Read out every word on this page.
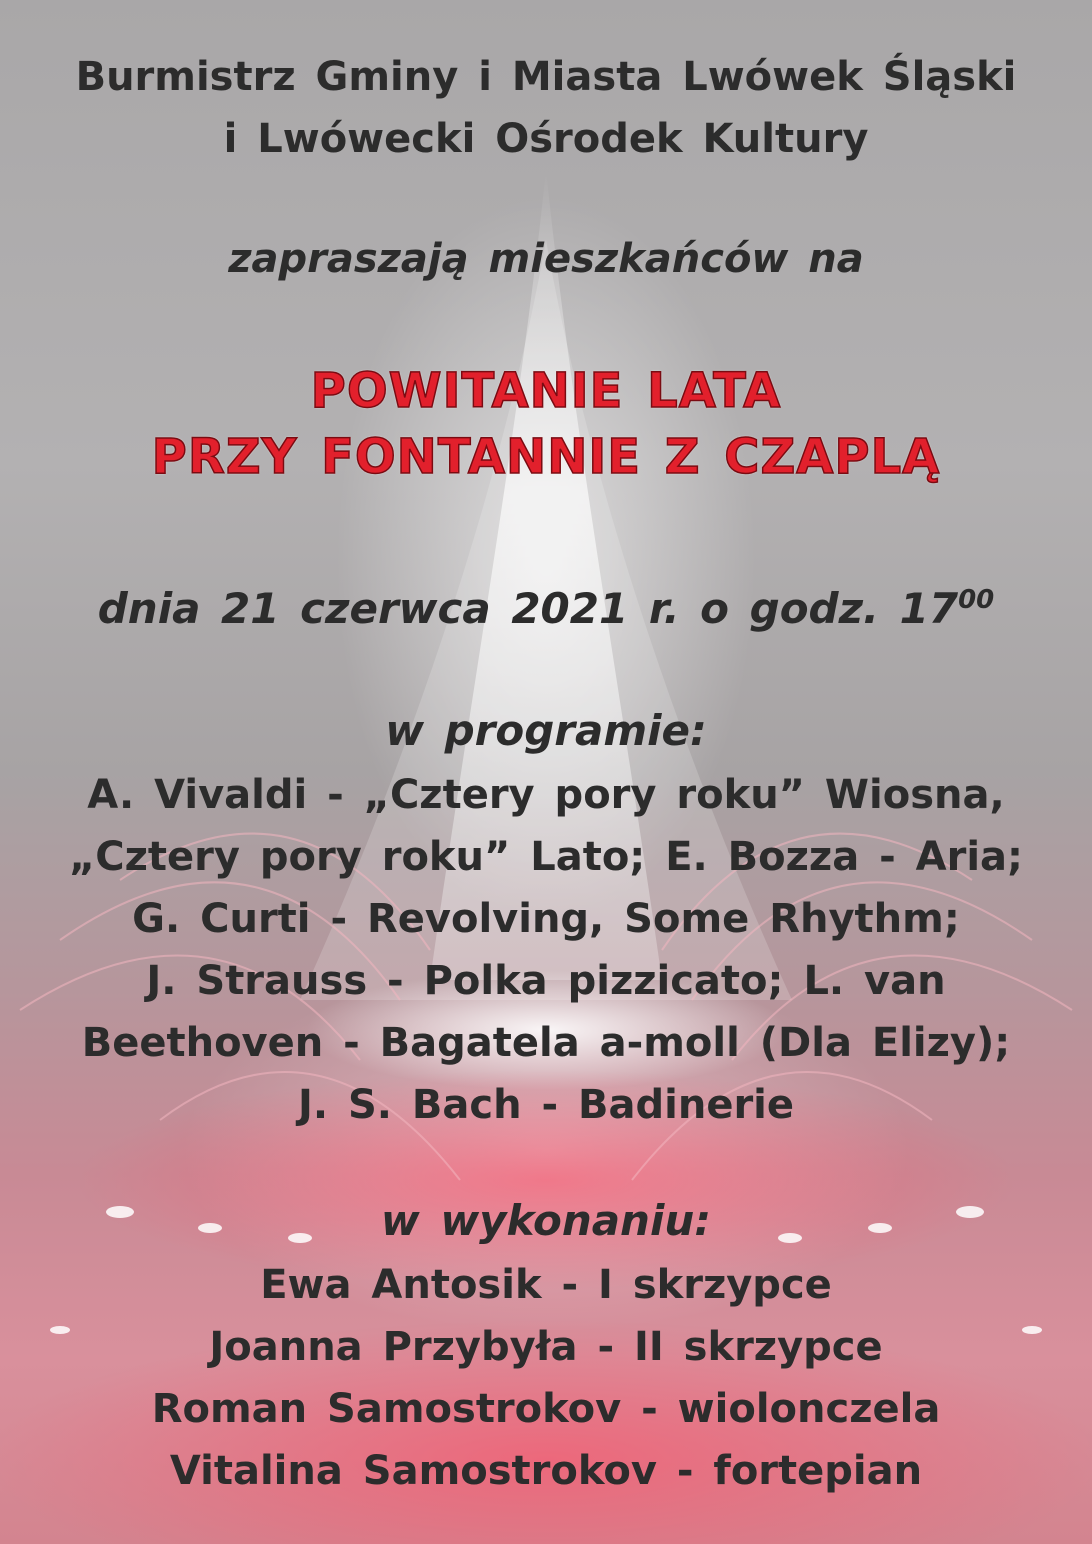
Burmistrz Gminy i Miasta Lwówek Śląski
i Lwówecki Ośrodek Kultury

zapraszają mieszkańców na

POWITANIE LATA
PRZY FONTANNIE Z CZAPLĄ

dnia 21 czerwca 2021 r. o godz. $17^{00}$

w programie:

A. Vivaldi - „Cztery pory roku” Wiosna,
„Cztery pory roku” Lato; E. Bozza - Aria;
G. Curti - Revolving, Some Rhythm;
J. Strauss - Polka pizzicato; L. van
Beethoven - Bagatela a-moll (Dla Elizy);
J. S. Bach - Badinerie

w wykonaniu:

Ewa Antosik - I skrzypce
Joanna Przybyła - II skrzypce
Roman Samostrokov - wiolonczela
Vitalina Samostrokov - fortepian
